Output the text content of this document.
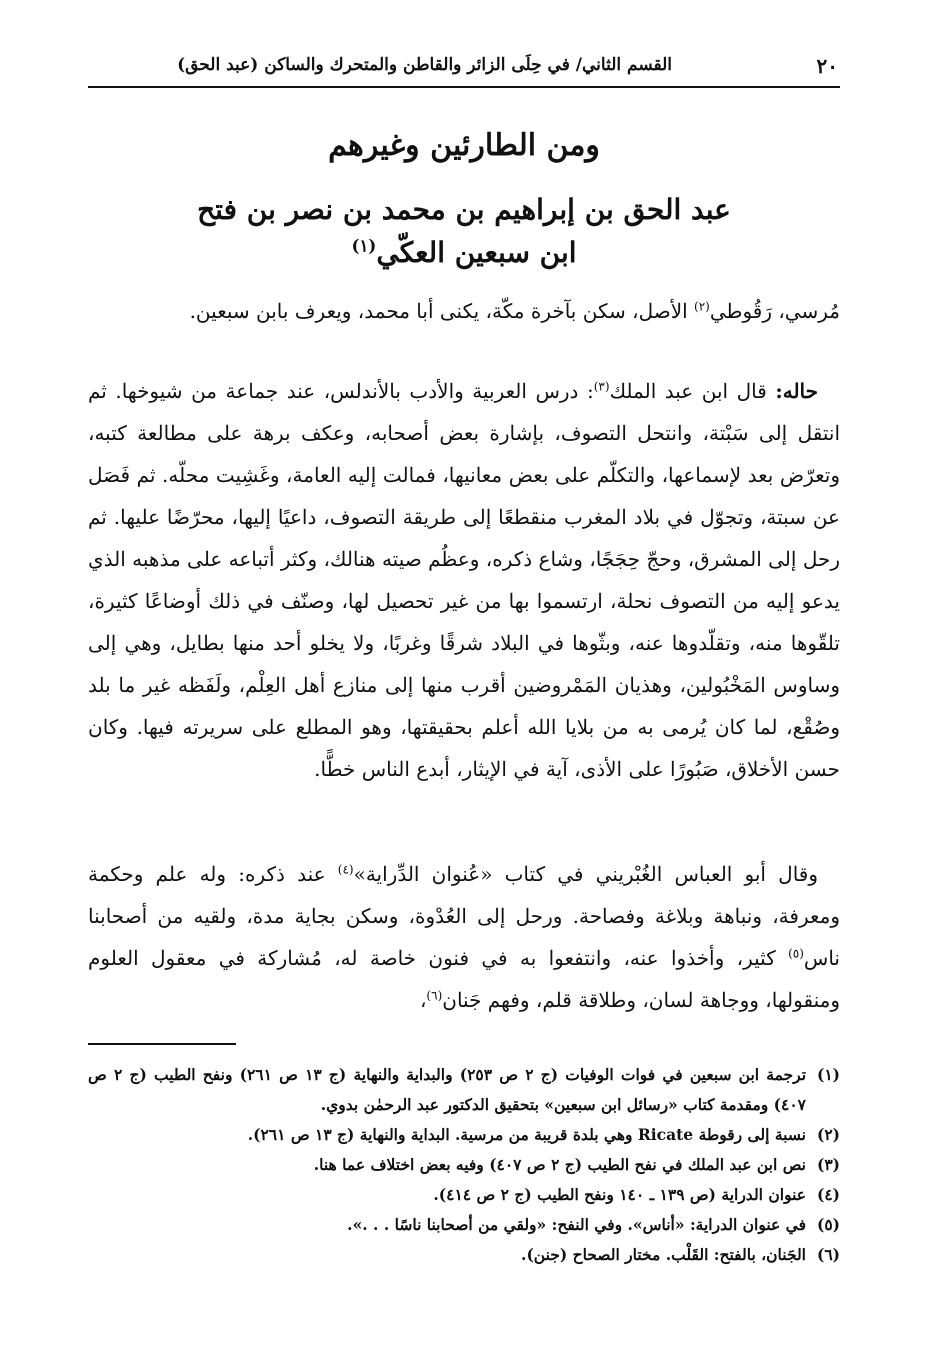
٢٠
القسم الثاني/ في حِلَى الزائر والقاطن والمتحرك والساكن (عبد الحق)
ومن الطارئين وغيرهم
عبد الحق بن إبراهيم بن محمد بن نصر بن فتح
ابن سبعين العكّي$^{(١)}$

مُرسي، رَقُوطي$^{(٢)}$ الأصل، سكن بآخرة مكّة، يكنى أبا محمد، ويعرف بابن سبعين.

حاله: قال ابن عبد الملك$^{(٣)}$: درس العربية والأدب بالأندلس، عند جماعة من شيوخها. ثم انتقل إلى سَبْتة، وانتحل التصوف، بإشارة بعض أصحابه، وعكف برهة على مطالعة كتبه، وتعرّض بعد لإسماعها، والتكلّم على بعض معانيها، فمالت إليه العامة، وغَشِيت محلّه. ثم فَصَل عن سبتة، وتجوّل في بلاد المغرب منقطعًا إلى طريقة التصوف، داعيًا إليها، محرّضًا عليها. ثم رحل إلى المشرق، وحجّ حِجَجًا، وشاع ذكره، وعظُم صيته هنالك، وكثر أتباعه على مذهبه الذي يدعو إليه من التصوف نحلة، ارتسموا بها من غير تحصيل لها، وصنّف في ذلك أوضاعًا كثيرة، تلقّوها منه، وتقلّدوها عنه، وبثّوها في البلاد شرقًا وغربًا، ولا يخلو أحد منها بطايل، وهي إلى وساوس المَخْبُولين، وهذيان المَمْروضين أقرب منها إلى منازع أهل العِلْم، ولَفَظه غير ما بلد وصُقْع، لما كان يُرمى به من بلايا الله أعلم بحقيقتها، وهو المطلع على سريرته فيها. وكان حسن الأخلاق، صَبُورًا على الأذى، آية في الإيثار، أبدع الناس خطًّا.

وقال أبو العباس الغُبْريني في كتاب «عُنوان الدِّراية»$^{(٤)}$ عند ذكره: وله علم وحكمة ومعرفة، ونباهة وبلاغة وفصاحة. ورحل إلى العُدْوة، وسكن بجاية مدة، ولقيه من أصحابنا ناس$^{(٥)}$ كثير، وأخذوا عنه، وانتفعوا به في فنون خاصة له، مُشاركة في معقول العلوم ومنقولها، ووجاهة لسان، وطلاقة قلم، وفهم جَنان$^{(٦)}$،

(١)
ترجمة ابن سبعين في فوات الوفيات (ج ٢ ص ٢٥٣) والبداية والنهاية (ج ١٣ ص ٢٦١) ونفح الطيب (ج ٢ ص ٤٠٧) ومقدمة كتاب «رسائل ابن سبعين» بتحقيق الدكتور عبد الرحمٰن بدوي.
(٢)
نسبة إلى رقوطة Ricate وهي بلدة قريبة من مرسية. البداية والنهاية (ج ١٣ ص ٢٦١).
(٣)
نص ابن عبد الملك في نفح الطيب (ج ٢ ص ٤٠٧) وفيه بعض اختلاف عما هنا.
(٤)
عنوان الدراية (ص ١٣٩ ـ ١٤٠ ونفح الطيب (ج ٢ ص ٤١٤).
(٥)
في عنوان الدراية: «أناس». وفي النفح: «ولقي من أصحابنا ناسًا . . .».
(٦)
الجَنان، بالفتح: القَلْب. مختار الصحاح (جنن).
